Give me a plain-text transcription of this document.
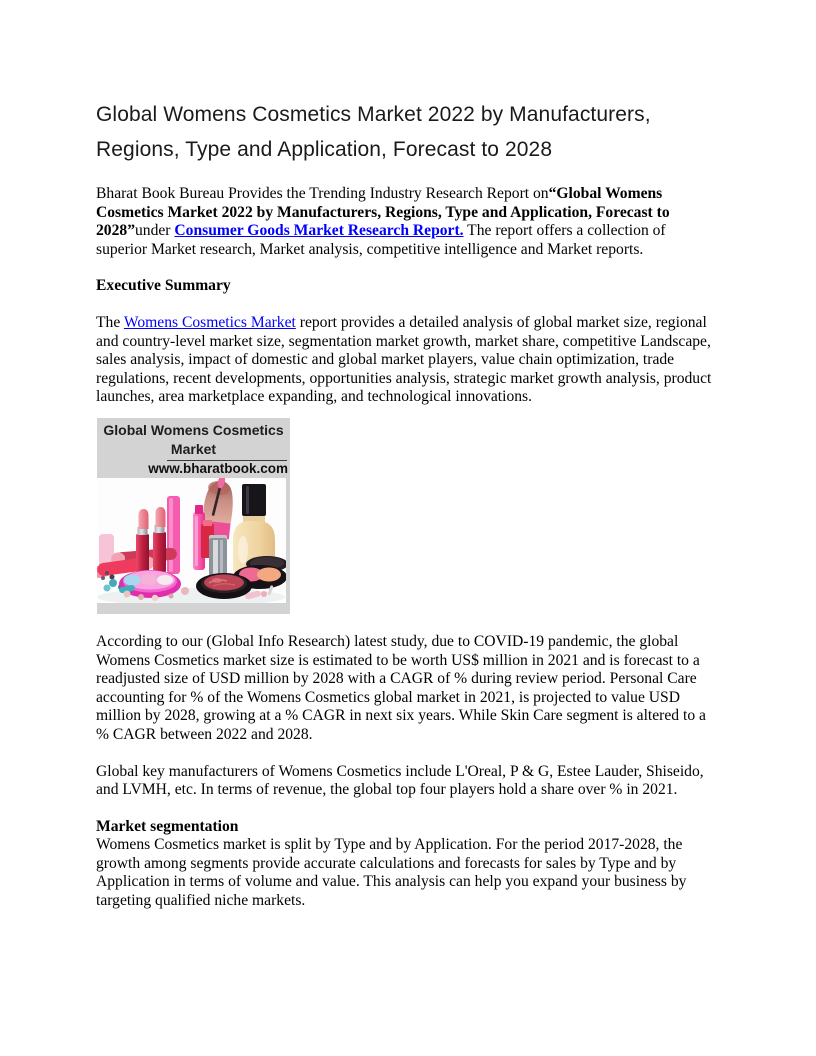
Global Womens Cosmetics Market 2022 by Manufacturers,
Regions, Type and Application, Forecast to 2028

Bharat Book Bureau Provides the Trending Industry Research Report on“Global Womens Cosmetics Market 2022 by Manufacturers, Regions, Type and Application, Forecast to 2028”under Consumer Goods Market Research Report. The report offers a collection of superior Market research, Market analysis, competitive intelligence and Market reports.

Executive Summary

The Womens Cosmetics Market report provides a detailed analysis of global market size, regional and country-level market size, segmentation market growth, market share, competitive Landscape, sales analysis, impact of domestic and global market players, value chain optimization, trade regulations, recent developments, opportunities analysis, strategic market growth analysis, product launches, area marketplace expanding, and technological innovations.

Global Womens Cosmetics Market
www.bharatbook.com

According to our (Global Info Research) latest study, due to COVID-19 pandemic, the global Womens Cosmetics market size is estimated to be worth US$ million in 2021 and is forecast to a readjusted size of USD million by 2028 with a CAGR of % during review period. Personal Care accounting for % of the Womens Cosmetics global market in 2021, is projected to value USD million by 2028, growing at a % CAGR in next six years. While Skin Care segment is altered to a % CAGR between 2022 and 2028.

Global key manufacturers of Womens Cosmetics include L'Oreal, P & G, Estee Lauder, Shiseido, and LVMH, etc. In terms of revenue, the global top four players hold a share over % in 2021.

Market segmentation

Womens Cosmetics market is split by Type and by Application. For the period 2017-2028, the growth among segments provide accurate calculations and forecasts for sales by Type and by Application in terms of volume and value. This analysis can help you expand your business by targeting qualified niche markets.
